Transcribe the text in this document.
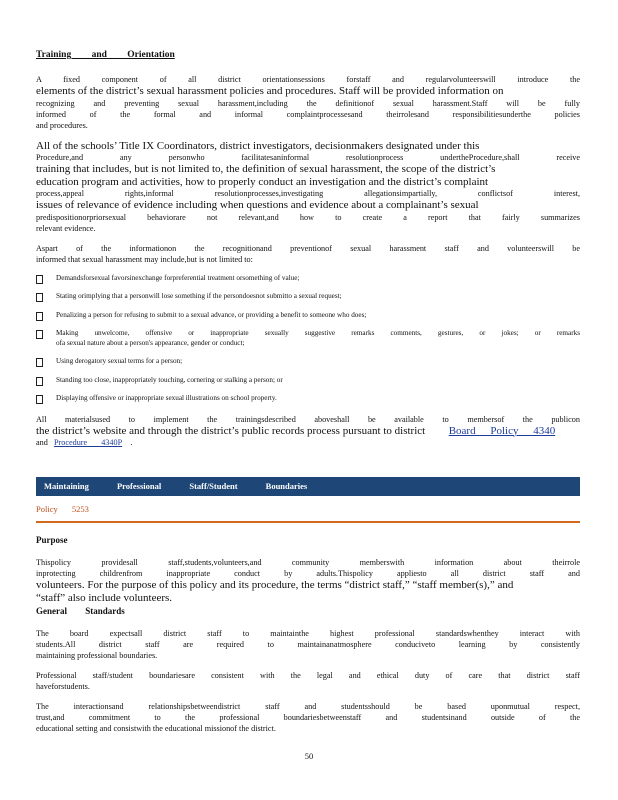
Training and Orientation

A fixed component of all district orientationsessions forstaff and regularvolunteerswill introduce the

elements of the district’s sexual harassment policies and procedures. Staff will be provided information on

recognizing and preventing sexual harassment,including the definitionof sexual harassment.Staff will be fully

informed of the formal and informal complaintprocessesand theirrolesand responsibilitiesunderthe policies

and procedures.

All of the schools’ Title IX Coordinators, district investigators, decisionmakers designated under this

Procedure,and any personwho facilitatesaninformal resolutionprocess undertheProcedure,shall receive

training that includes, but is not limited to, the definition of sexual harassment, the scope of the district’s

education program and activities, how to properly conduct an investigation and the district’s complaint

process,appeal rights,informal resolutionprocesses,investigating allegationsimpartially, conflictsof interest,

issues of relevance of evidence including when questions and evidence about a complainant’s sexual

predispositionorpriorsexual behaviorare not relevant,and how to create a report that fairly summarizes

relevant evidence.

Aspart of the informationon the recognitionand preventionof sexual harassment staff and volunteerswill be

informed that sexual harassment may include,but is not limited to:

Demandsforsexual favorsinexchange forpreferential treatment orsomething of value;
Stating orimplying that a personwill lose something if the persondoesnot submitto a sexual request;
Penalizing a person for refusing to submit to a sexual advance, or providing a benefit to someone who does;
Making unwelcome, offensive or inappropriate sexually suggestive remarks comments, gestures, or jokes; or remarks
ofa sexual nature about a person's appearance, gender or conduct;
Using derogatory sexual terms for a person;
Standing too close, inappropriately touching, cornering or stalking a person; or
Displaying offensive or inappropriate sexual illustrations on school property.

All materialsused to implement the trainingsdescribed aboveshall be available to membersof the publicon

the district’s website and through the district’s public records process pursuant to district Board Policy 4340

and Procedure 4340P .

Maintaining Professional Staff/Student Boundaries
Policy 5253
Purpose

Thispolicy providesall staff,students,volunteers,and community memberswith information about theirrole

inprotecting childrenfrom inappropriate conduct by adults.Thispolicy appliesto all district staff and

volunteers. For the purpose of this policy and its procedure, the terms “district staff,” “staff member(s),” and

“staff” also include volunteers.

General Standards

The board expectsall district staff to maintainthe highest professional standardswhenthey interact with

students.All district staff are required to maintainanatmosphere conduciveto learning by consistently

maintaining professional boundaries.

Professional staff/student boundariesare consistent with the legal and ethical duty of care that district staff

haveforstudents.

The interactionsand relationshipsbetweendistrict staff and studentsshould be based uponmutual respect,

trust,and commitment to the professional boundariesbetweenstaff and studentsinand outside of the

educational setting and consistwith the educational missionof the district.

50
